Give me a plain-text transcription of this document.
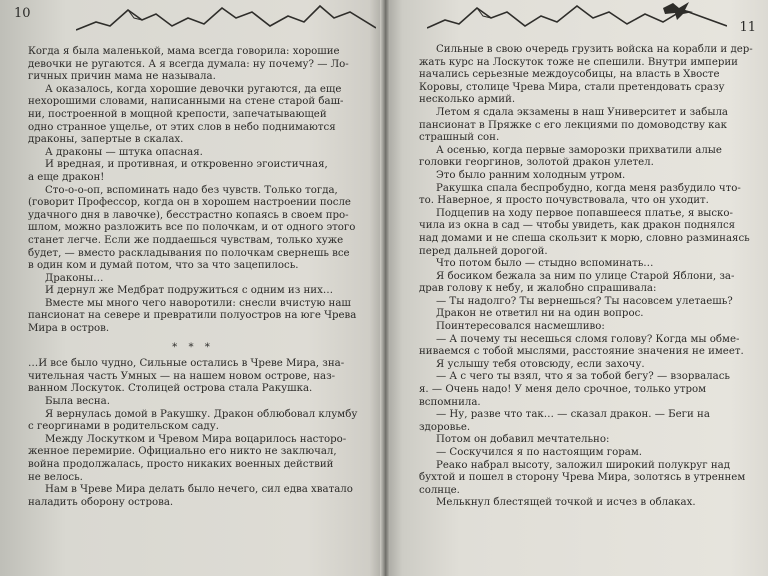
10

Когда я была маленькой, мама всегда говорила: хорошие

девочки не ругаются. А я всегда думала: ну почему? — Ло-

гичных причин мама не называла.

А оказалось, когда хорошие девочки ругаются, да еще

нехорошими словами, написанными на стене старой баш-

ни, построенной в мощной крепости, запечатывающей

одно странное ущелье, от этих слов в небо поднимаются

драконы, запертые в скалах.

А драконы — штука опасная.

И вредная, и противная, и откровенно эгоистичная,

а еще дракон!

Сто-о-о-оп, вспоминать надо без чувств. Только тогда,

(говорит Профессор, когда он в хорошем настроении после

удачного дня в лавочке), бесстрастно копаясь в своем про-

шлом, можно разложить все по полочкам, и от одного этого

станет легче. Если же поддаешься чувствам, только хуже

будет, — вместо раскладывания по полочкам свернешь все

в один ком и думай потом, что за что зацепилось.

Драконы…

И дернул же Медбрат подружиться с одним из них…

Вместе мы много чего наворотили: снесли вчистую наш

пансионат на севере и превратили полуостров на юге Чрева

Мира в остров.

* * *

…И все было чудно, Сильные остались в Чреве Мира, зна-

чительная часть Умных — на нашем новом острове, наз-

ванном Лоскуток. Столицей острова стала Ракушка.

Была весна.

Я вернулась домой в Ракушку. Дракон облюбовал клумбу

с георгинами в родительском саду.

Между Лоскутком и Чревом Мира воцарилось насторо-

женное перемирие. Официально его никто не заключал,

война продолжалась, просто никаких военных действий

не велось.

Нам в Чреве Мира делать было нечего, сил едва хватало

наладить оборону острова.

11

Сильные в свою очередь грузить войска на корабли и дер-

жать курс на Лоскуток тоже не спешили. Внутри империи

начались серьезные междоусобицы, на власть в Хвосте

Коровы, столице Чрева Мира, стали претендовать сразу

несколько армий.

Летом я сдала экзамены в наш Университет и забыла

пансионат в Пряжке с его лекциями по домоводству как

страшный сон.

А осенью, когда первые заморозки прихватили алые

головки георгинов, золотой дракон улетел.

Это было ранним холодным утром.

Ракушка спала беспробудно, когда меня разбудило что-

то. Наверное, я просто почувствовала, что он уходит.

Подцепив на ходу первое попавшееся платье, я выско-

чила из окна в сад — чтобы увидеть, как дракон поднялся

над домами и не спеша скользит к морю, словно разминаясь

перед дальней дорогой.

Что потом было — стыдно вспоминать…

Я босиком бежала за ним по улице Старой Яблони, за-

драв голову к небу, и жалобно спрашивала:

— Ты надолго? Ты вернешься? Ты насовсем улетаешь?

Дракон не ответил ни на один вопрос.

Поинтересовался насмешливо:

— А почему ты несешься сломя голову? Когда мы обме-

ниваемся с тобой мыслями, расстояние значения не имеет.

Я услышу тебя отовсюду, если захочу.

— А с чего ты взял, что я за тобой бегу? — взорвалась

я. — Очень надо! У меня дело срочное, только утром

вспомнила.

— Ну, разве что так… — сказал дракон. — Беги на

здоровье.

Потом он добавил мечтательно:

— Соскучился я по настоящим горам.

Реако набрал высоту, заложил широкий полукруг над

бухтой и пошел в сторону Чрева Мира, золотясь в утреннем

солнце.

Мелькнул блестящей точкой и исчез в облаках.
